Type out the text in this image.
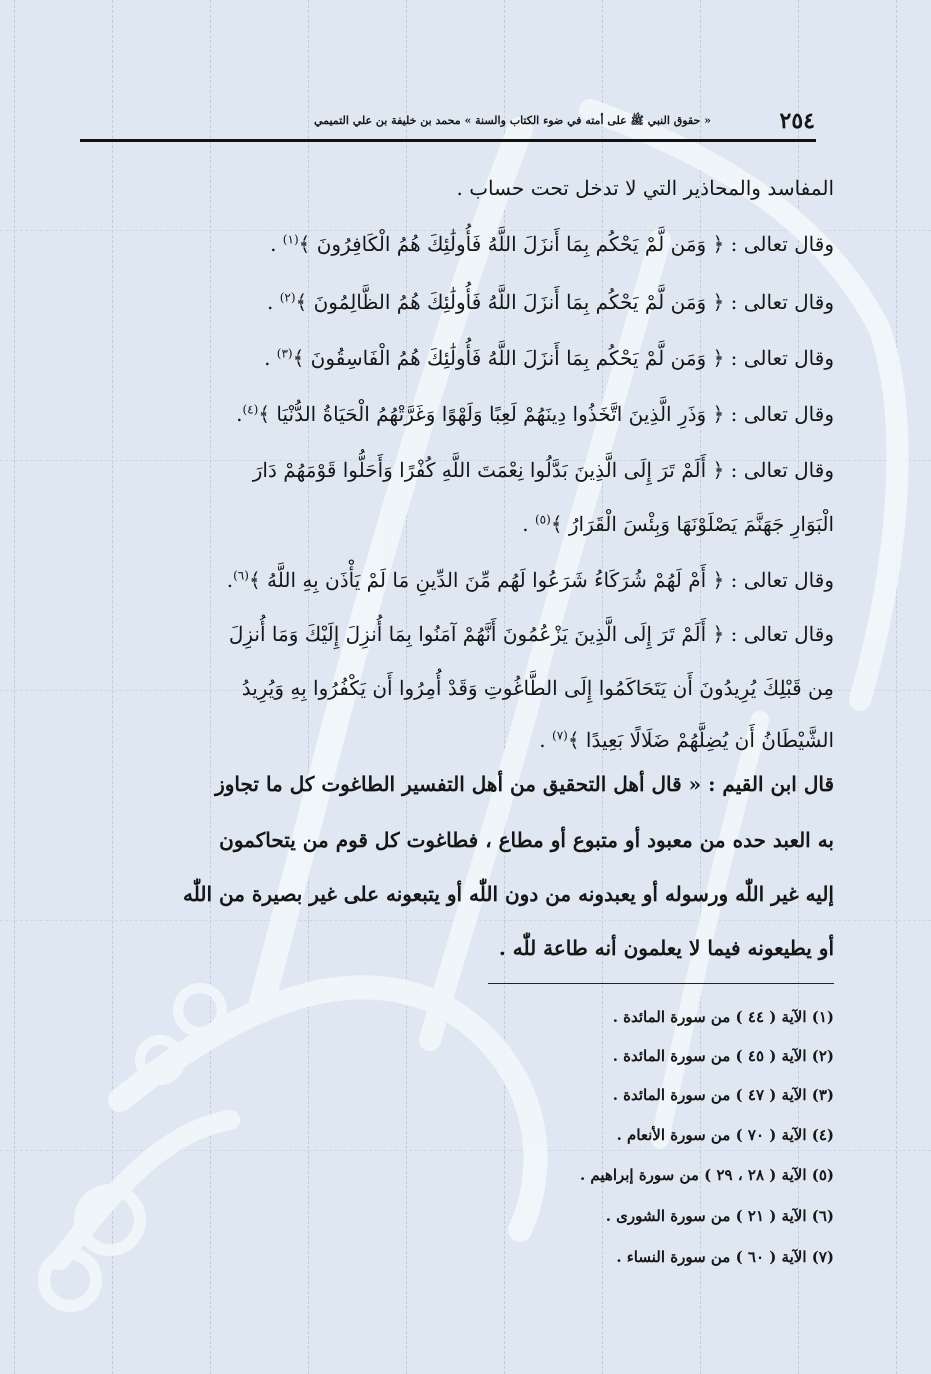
٢٥٤
« حقوق النبي ﷺ على أمته في ضوء الكتاب والسنة » محمد بن خليفة بن علي التميمي
المفاسد والمحاذير التي لا تدخل تحت حساب .
وقال تعالى : ﴿ وَمَن لَّمْ يَحْكُم بِمَا أَنزَلَ اللَّهُ فَأُولَٰئِكَ هُمُ الْكَافِرُونَ ﴾$^{(١)}$ .
وقال تعالى : ﴿ وَمَن لَّمْ يَحْكُم بِمَا أَنزَلَ اللَّهُ فَأُولَٰئِكَ هُمُ الظَّالِمُونَ ﴾$^{(٢)}$ .
وقال تعالى : ﴿ وَمَن لَّمْ يَحْكُم بِمَا أَنزَلَ اللَّهُ فَأُولَٰئِكَ هُمُ الْفَاسِقُونَ ﴾$^{(٣)}$ .
وقال تعالى : ﴿ وَذَرِ الَّذِينَ اتَّخَذُوا دِينَهُمْ لَعِبًا وَلَهْوًا وَغَرَّتْهُمُ الْحَيَاةُ الدُّنْيَا ﴾$^{(٤)}$.
وقال تعالى : ﴿ أَلَمْ تَرَ إِلَى الَّذِينَ بَدَّلُوا نِعْمَتَ اللَّهِ كُفْرًا وَأَحَلُّوا قَوْمَهُمْ دَارَ
الْبَوَارِ جَهَنَّمَ يَصْلَوْنَهَا وَبِئْسَ الْقَرَارُ ﴾$^{(٥)}$ .
وقال تعالى : ﴿ أَمْ لَهُمْ شُرَكَاءُ شَرَعُوا لَهُم مِّنَ الدِّينِ مَا لَمْ يَأْذَن بِهِ اللَّهُ ﴾$^{(٦)}$.
وقال تعالى : ﴿ أَلَمْ تَرَ إِلَى الَّذِينَ يَزْعُمُونَ أَنَّهُمْ آمَنُوا بِمَا أُنزِلَ إِلَيْكَ وَمَا أُنزِلَ
مِن قَبْلِكَ يُرِيدُونَ أَن يَتَحَاكَمُوا إِلَى الطَّاغُوتِ وَقَدْ أُمِرُوا أَن يَكْفُرُوا بِهِ وَيُرِيدُ
الشَّيْطَانُ أَن يُضِلَّهُمْ ضَلَالًا بَعِيدًا ﴾$^{(٧)}$ .
قال ابن القيم : « قال أهل التحقيق من أهل التفسير الطاغوت كل ما تجاوز
به العبد حده من معبود أو متبوع أو مطاع ، فطاغوت كل قوم من يتحاكمون
إليه غير اللّٰه ورسوله أو يعبدونه من دون اللّٰه أو يتبعونه على غير بصيرة من اللّٰه
أو يطيعونه فيما لا يعلمون أنه طاعة للّٰه .
(١) الآية ( ٤٤ ) من سورة المائدة .
(٢) الآية ( ٤٥ ) من سورة المائدة .
(٣) الآية ( ٤٧ ) من سورة المائدة .
(٤) الآية ( ٧٠ ) من سورة الأنعام .
(٥) الآية ( ٢٨ ، ٢٩ ) من سورة إبراهيم .
(٦) الآية ( ٢١ ) من سورة الشورى .
(٧) الآية ( ٦٠ ) من سورة النساء .
